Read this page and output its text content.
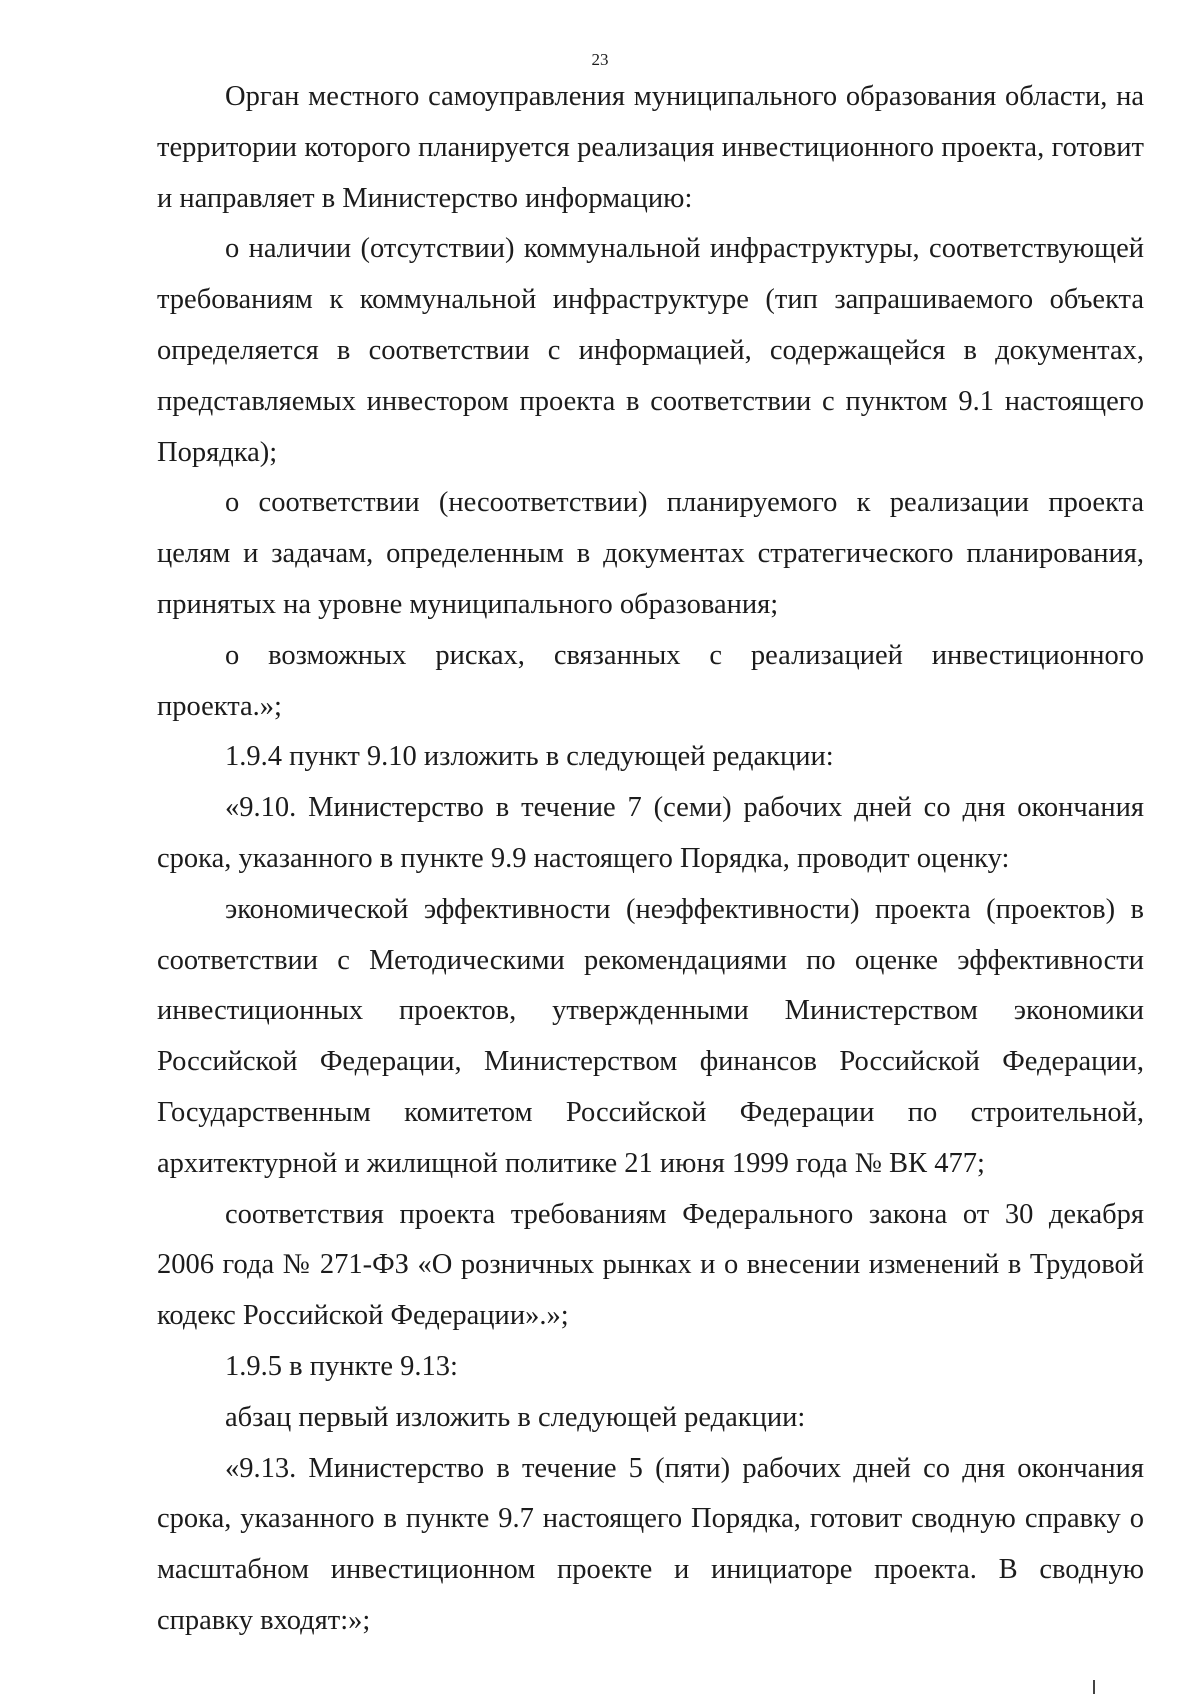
23

Орган местного самоуправления муниципального образования области, на территории которого планируется реализация инвестиционного проекта, готовит и направляет в Министерство информацию:

о наличии (отсутствии) коммунальной инфраструктуры, соответствующей требованиям к коммунальной инфраструктуре (тип запрашиваемого объекта определяется в соответствии с информацией, содержащейся в документах, представляемых инвестором проекта в соответствии с пунктом 9.1 настоящего Порядка);

о соответствии (несоответствии) планируемого к реализации проекта целям и задачам, определенным в документах стратегического планирования, принятых на уровне муниципального образования;

о возможных рисках, связанных с реализацией инвестиционного проекта.»;

1.9.4 пункт 9.10 изложить в следующей редакции:

«9.10. Министерство в течение 7 (семи) рабочих дней со дня окончания срока, указанного в пункте 9.9 настоящего Порядка, проводит оценку:

экономической эффективности (неэффективности) проекта (проектов) в соответствии с Методическими рекомендациями по оценке эффективности инвестиционных проектов, утвержденными Министерством экономики Российской Федерации, Министерством финансов Российской Федерации, Государственным комитетом Российской Федерации по строительной, архитектурной и жилищной политике 21 июня 1999 года № ВК 477;

соответствия проекта требованиям Федерального закона от 30 декабря 2006 года № 271-ФЗ «О розничных рынках и о внесении изменений в Трудовой кодекс Российской Федерации».»;

1.9.5 в пункте 9.13:

абзац первый изложить в следующей редакции:

«9.13. Министерство в течение 5 (пяти) рабочих дней со дня окончания срока, указанного в пункте 9.7 настоящего Порядка, готовит сводную справку о масштабном инвестиционном проекте и инициаторе проекта. В сводную справку входят:»;
